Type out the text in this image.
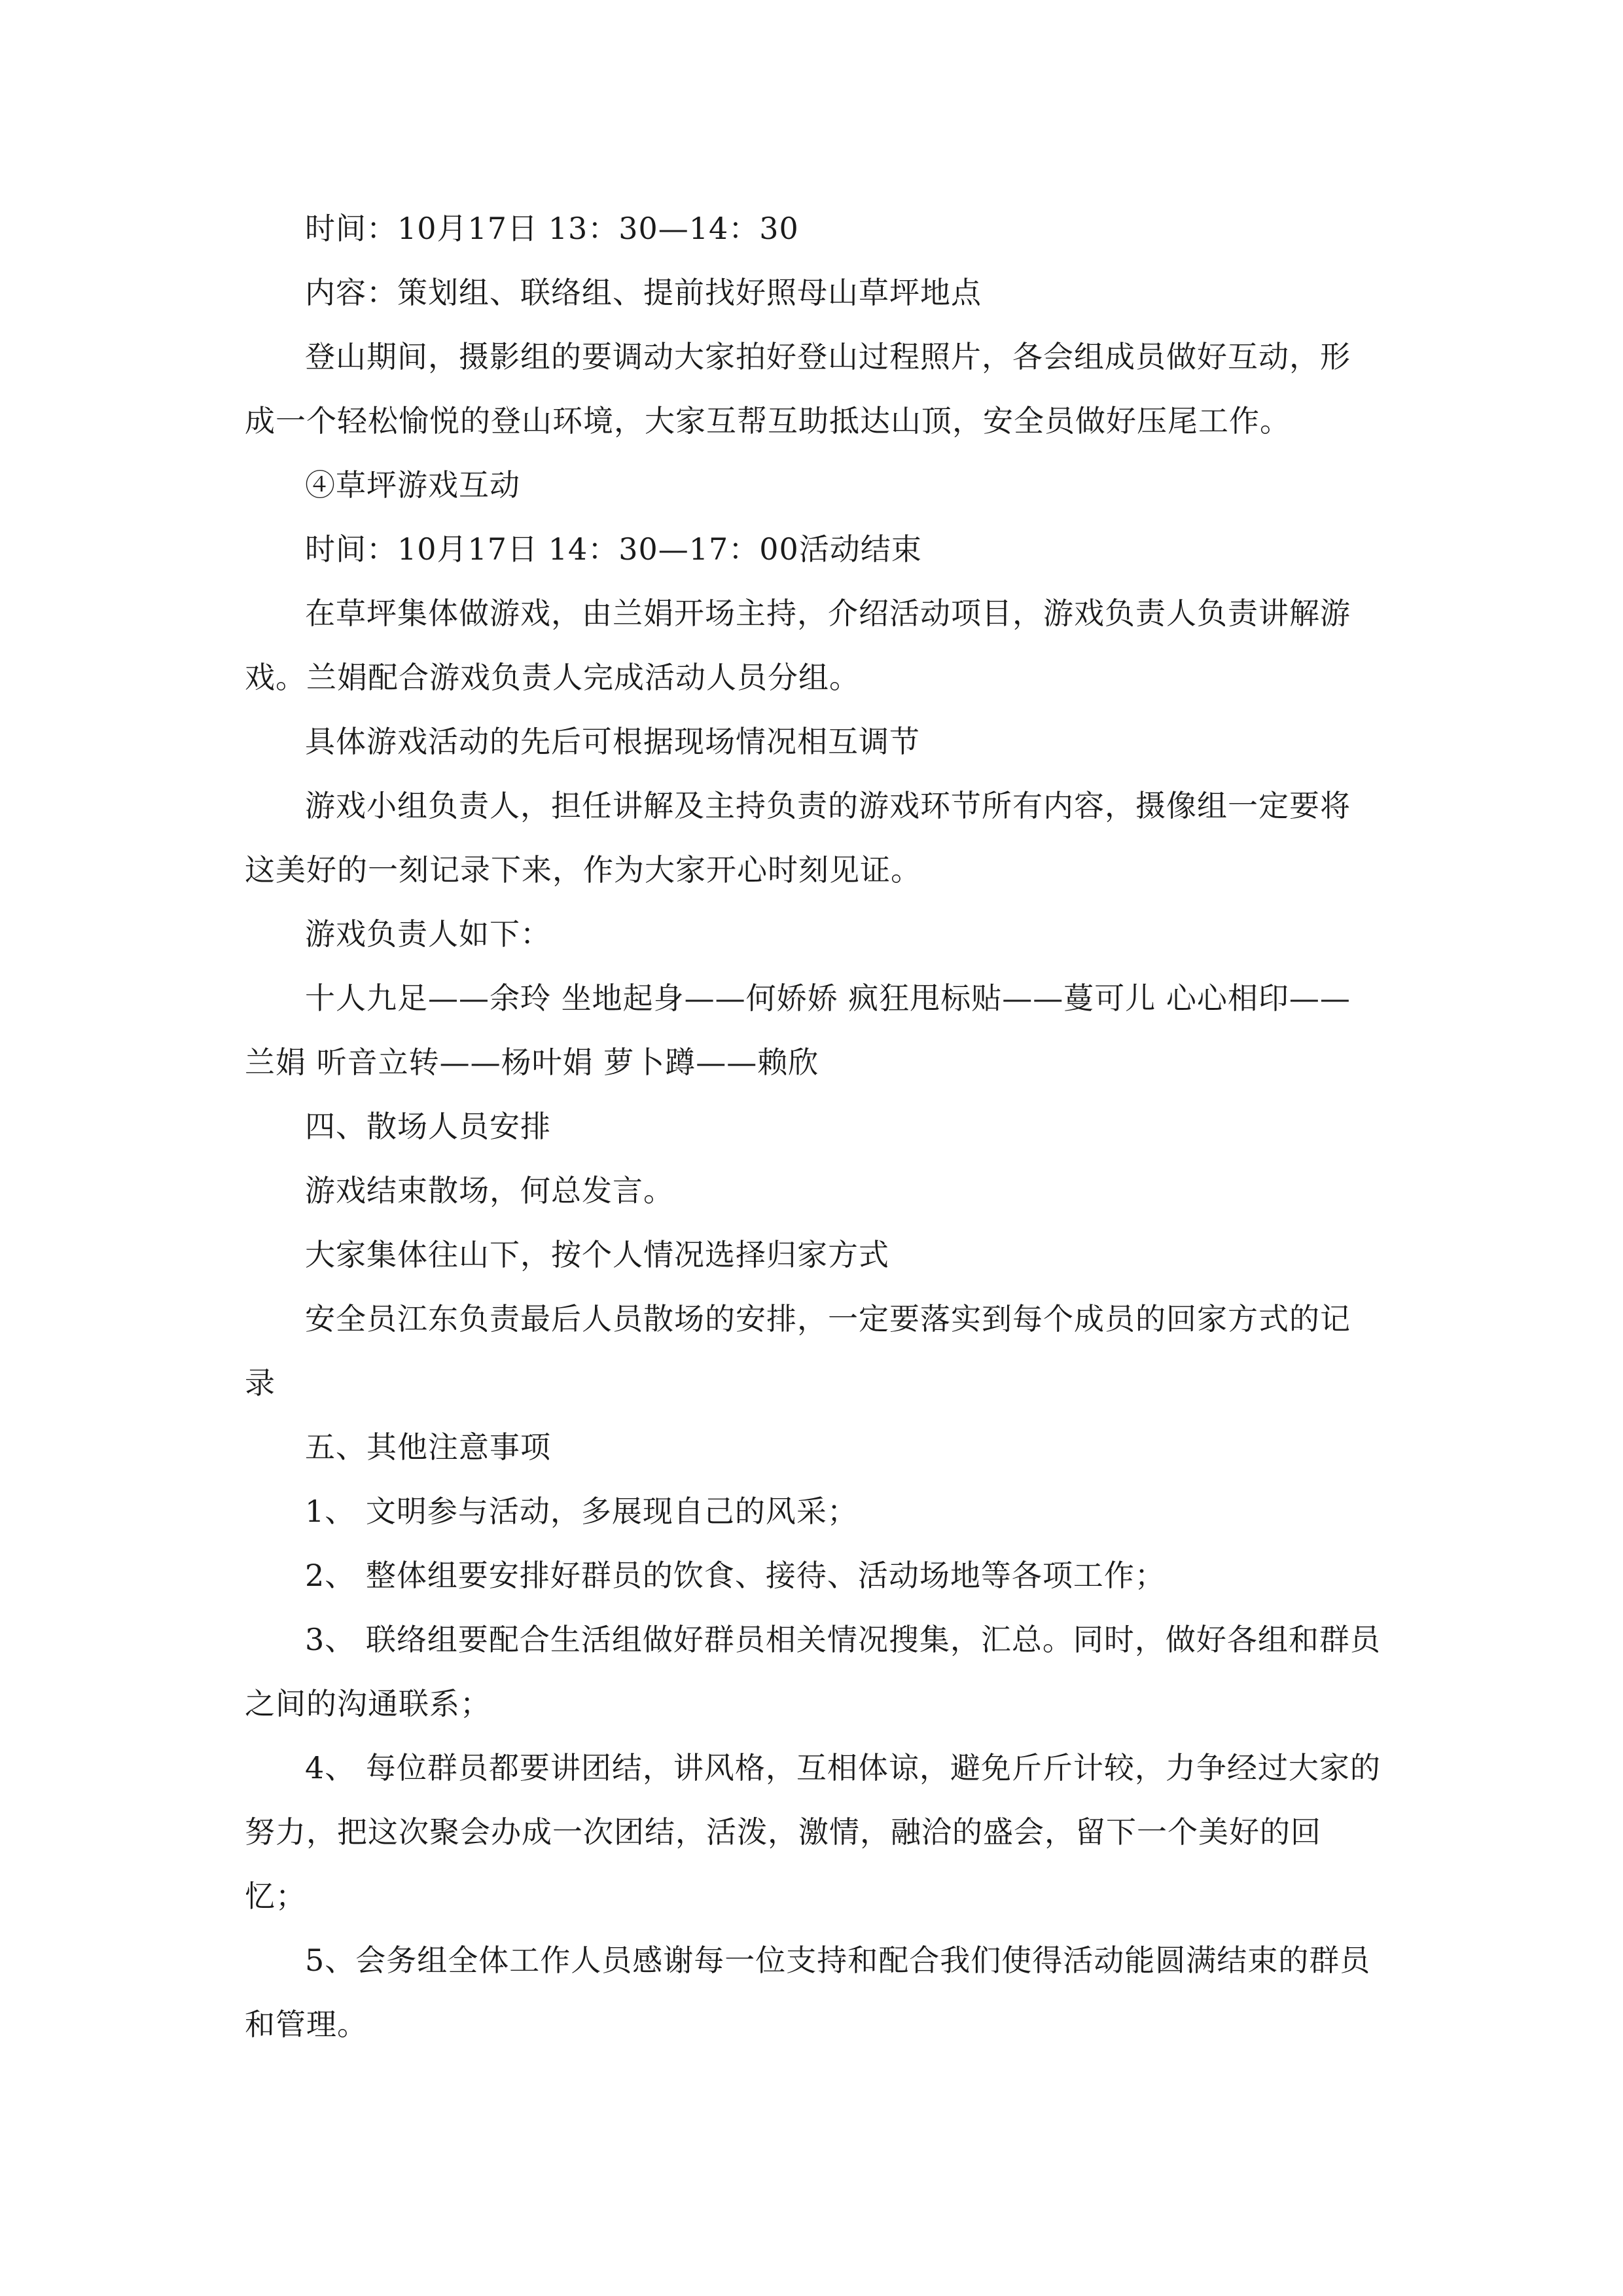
时间：10月17日 13：30—14：30

内容：策划组、联络组、提前找好照母山草坪地点

登山期间，摄影组的要调动大家拍好登山过程照片，各会组成员做好互动，形成一个轻松愉悦的登山环境，大家互帮互助抵达山顶，安全员做好压尾工作。

④草坪游戏互动

时间：10月17日 14：30—17：00活动结束

在草坪集体做游戏，由兰娟开场主持，介绍活动项目，游戏负责人负责讲解游戏。兰娟配合游戏负责人完成活动人员分组。

具体游戏活动的先后可根据现场情况相互调节

游戏小组负责人，担任讲解及主持负责的游戏环节所有内容，摄像组一定要将这美好的一刻记录下来，作为大家开心时刻见证。

游戏负责人如下：

十人九足——余玲 坐地起身——何娇娇 疯狂甩标贴——蔓可儿 心心相印——兰娟 听音立转——杨叶娟 萝卜蹲——赖欣

四、散场人员安排

游戏结束散场，何总发言。

大家集体往山下，按个人情况选择归家方式

安全员江东负责最后人员散场的安排，一定要落实到每个成员的回家方式的记录

五、其他注意事项

1、 文明参与活动，多展现自己的风采；

2、 整体组要安排好群员的饮食、接待、活动场地等各项工作；

3、 联络组要配合生活组做好群员相关情况搜集，汇总。同时，做好各组和群员之间的沟通联系；

4、 每位群员都要讲团结，讲风格，互相体谅，避免斤斤计较，力争经过大家的努力，把这次聚会办成一次团结，活泼，激情，融洽的盛会，留下一个美好的回忆；

5、会务组全体工作人员感谢每一位支持和配合我们使得活动能圆满结束的群员和管理。
